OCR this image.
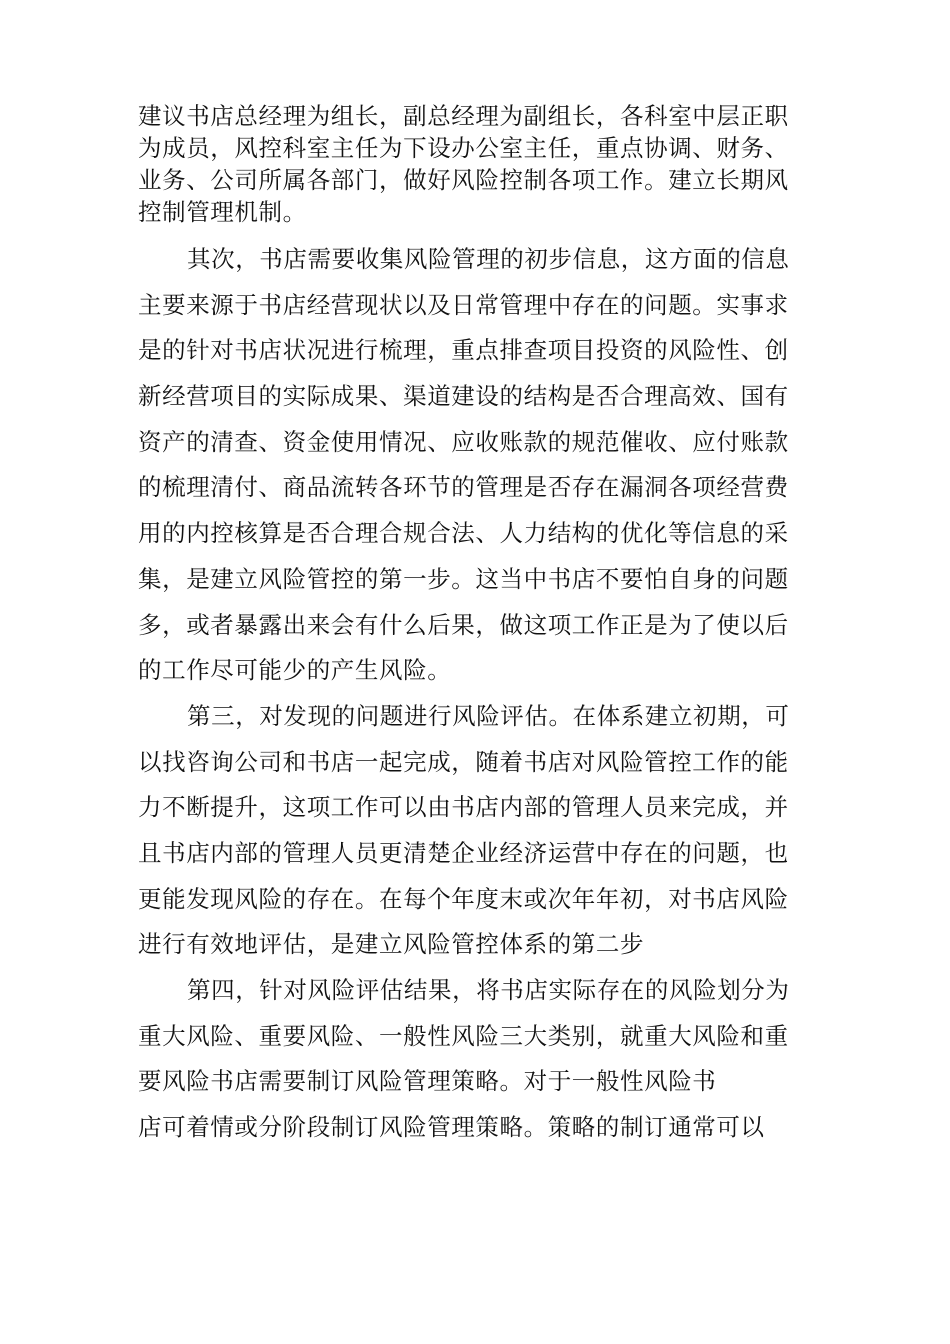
建议书店总经理为组长，副总经理为副组长，各科室中层正职
为成员，风控科室主任为下设办公室主任，重点协调、财务、
业务、公司所属各部门，做好风险控制各项工作。建立长期风
控制管理机制。
其次，书店需要收集风险管理的初步信息，这方面的信息
主要来源于书店经营现状以及日常管理中存在的问题。实事求
是的针对书店状况进行梳理，重点排查项目投资的风险性、创
新经营项目的实际成果、渠道建设的结构是否合理高效、国有
资产的清查、资金使用情况、应收账款的规范催收、应付账款
的梳理清付、商品流转各环节的管理是否存在漏洞各项经营费
用的内控核算是否合理合规合法、人力结构的优化等信息的采
集，是建立风险管控的第一步。这当中书店不要怕自身的问题
多，或者暴露出来会有什么后果，做这项工作正是为了使以后
的工作尽可能少的产生风险。
第三，对发现的问题进行风险评估。在体系建立初期，可
以找咨询公司和书店一起完成，随着书店对风险管控工作的能
力不断提升，这项工作可以由书店内部的管理人员来完成，并
且书店内部的管理人员更清楚企业经济运营中存在的问题，也
更能发现风险的存在。在每个年度末或次年年初，对书店风险
进行有效地评估，是建立风险管控体系的第二步
第四，针对风险评估结果，将书店实际存在的风险划分为
重大风险、重要风险、一般性风险三大类别，就重大风险和重
要风险书店需要制订风险管理策略。对于一般性风险书
店可着情或分阶段制订风险管理策略。策略的制订通常可以
